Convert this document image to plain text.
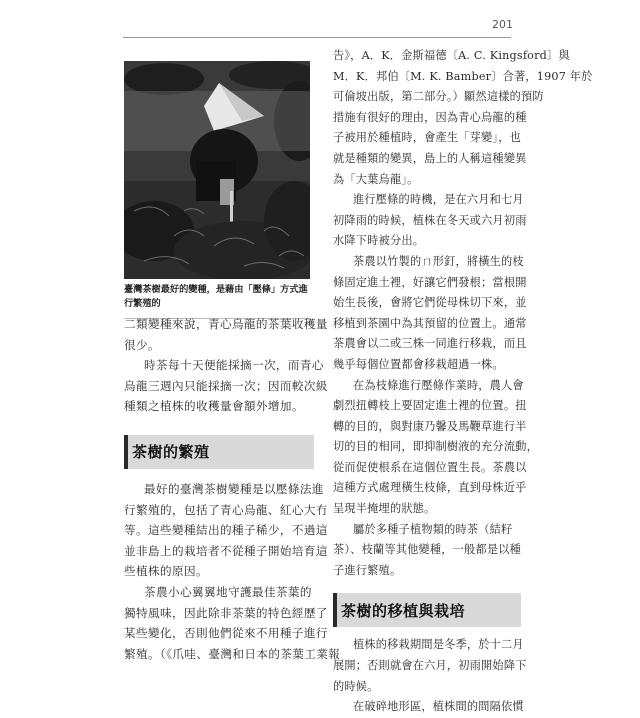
201
臺灣茶樹最好的變種，是藉由「壓條」方式進
行繁殖的
二類變種來說，青心烏龍的茶葉收穫量
很少。
時茶每十天便能採摘一次，而青心
烏龍三週內只能採摘一次；因而較次級
種類之植株的收穫量會額外增加。
茶樹的繁殖
最好的臺灣茶樹變種是以壓條法進
行繁殖的，包括了青心烏龍、紅心大冇
等。這些變種結出的種子稀少，不過這
並非島上的栽培者不從種子開始培育這
些植株的原因。
茶農小心翼翼地守護最佳茶葉的
獨特風味，因此除非茶葉的特色經歷了
某些變化，否則他們從來不用種子進行
繁殖。（《爪哇、臺灣和日本的茶葉工業報
告》，A．K．金斯福德〔A. C. Kingsford〕與
M．K．邦伯〔M. K. Bamber〕合著，1907 年於
可倫坡出版，第二部分。）顯然這樣的預防
措施有很好的理由，因為青心烏龍的種
子被用於種植時，會產生「芽變」，也
就是種類的變異，島上的人稱這種變異
為「大葉烏龍」。
進行壓條的時機，是在六月和七月
初降雨的時候，植株在冬天或六月初雨
水降下時被分出。
茶農以竹製的ㄇ形釘，將橫生的枝
條固定進土裡，好讓它們發根；當根開
始生長後，會將它們從母株切下來，並
移植到茶園中為其預留的位置上。通常
茶農會以二或三株一同進行移栽，而且
幾乎每個位置都會移栽超過一株。
在為枝條進行壓條作業時，農人會
劇烈扭轉枝上要固定進土裡的位置。扭
轉的目的，與對康乃馨及馬鞭草進行半
切的目的相同，即抑制樹液的充分流動，
從而促使根系在這個位置生長。茶農以
這種方式處理橫生枝條，直到母株近乎
呈現半掩埋的狀態。
屬於多種子植物類的時茶（結籽
茶）、枝蘭等其他變種，一般都是以種
子進行繁殖。
茶樹的移植與栽培
植株的移栽期間是冬季，於十二月
展開；否則就會在六月，初雨開始降下
的時候。
在破碎地形區，植株間的間隔依慣
